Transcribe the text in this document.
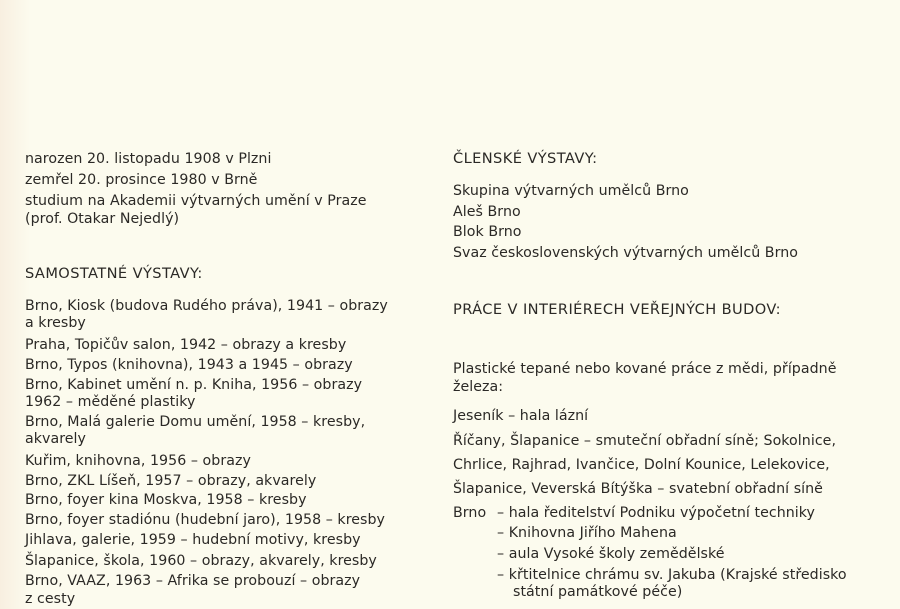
narozen 20. listopadu 1908 v Plzni
zemřel 20. prosince 1980 v Brně
studium na Akademii výtvarných umění v Praze
(prof. Otakar Nejedlý)
SAMOSTATNÉ VÝSTAVY:
Brno, Kiosk (budova Rudého práva), 1941 – obrazy
a kresby
Praha, Topičův salon, 1942 – obrazy a kresby
Brno, Typos (knihovna), 1943 a 1945 – obrazy
Brno, Kabinet umění n. p. Kniha, 1956 – obrazy
1962 – měděné plastiky
Brno, Malá galerie Domu umění, 1958 – kresby,
akvarely
Kuřim, knihovna, 1956 – obrazy
Brno, ZKL Líšeň, 1957 – obrazy, akvarely
Brno, foyer kina Moskva, 1958 – kresby
Brno, foyer stadiónu (hudební jaro), 1958 – kresby
Jihlava, galerie, 1959 – hudební motivy, kresby
Šlapanice, škola, 1960 – obrazy, akvarely, kresby
Brno, VAAZ, 1963 – Afrika se probouzí – obrazy
z cesty
ČLENSKÉ VÝSTAVY:
Skupina výtvarných umělců Brno
Aleš Brno
Blok Brno
Svaz československých výtvarných umělců Brno
PRÁCE V INTERIÉRECH VEŘEJNÝCH BUDOV:
Plastické tepané nebo kované práce z mědi, případně
železa:
Jeseník – hala lázní
Říčany, Šlapanice – smuteční obřadní síně; Sokolnice,
Chrlice, Rajhrad, Ivančice, Dolní Kounice, Lelekovice,
Šlapanice, Veverská Bítýška – svatební obřadní síně
Brno – hala ředitelství Podniku výpočetní techniky
– Knihovna Jiřího Mahena
– aula Vysoké školy zemědělské
– křtitelnice chrámu sv. Jakuba (Krajské středisko
státní památkové péče)
